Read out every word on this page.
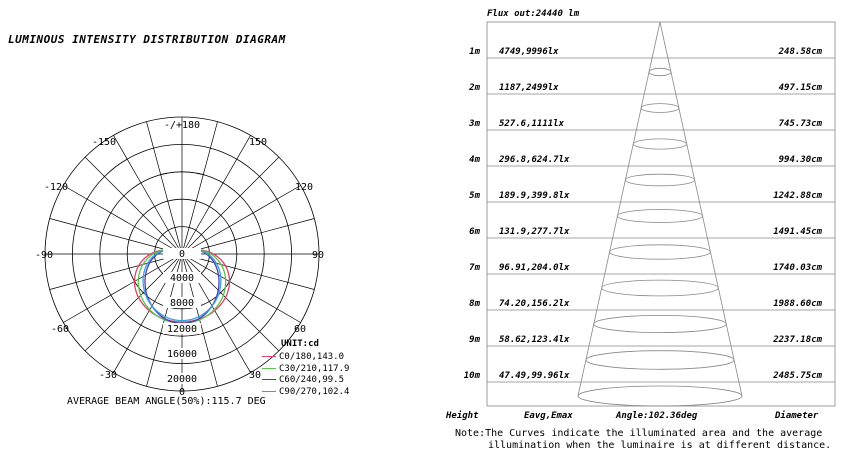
LUMINOUS INTENSITY DISTRIBUTION DIAGRAM
-/+180
-150	150
-120	120
-90	90
-60	60
-30	30
0
0
4000
8000
12000
16000
20000
UNIT:cd
C0/180,143.0
C30/210,117.9
C60/240,99.5
C90/270,102.4
AVERAGE BEAM ANGLE(50%):115.7 DEG
Flux out:24440 lm
1m 4749,9996lx	248.58cm
2m 1187,2499lx	497.15cm
3m 527.6,1111lx	745.73cm
4m 296.8,624.7lx	994.30cm
5m 189.9,399.8lx	1242.88cm
6m 131.9,277.7lx	1491.45cm
7m 96.91,204.0lx	1740.03cm
8m 74.20,156.2lx	1988.60cm
9m 58.62,123.4lx	2237.18cm
10m 47.49,99.96lx	2485.75cm
Height	Eavg,Emax	Angle:102.36deg	Diameter
Note:The Curves indicate the illuminated area and the average
illumination when the luminaire is at different distance.
